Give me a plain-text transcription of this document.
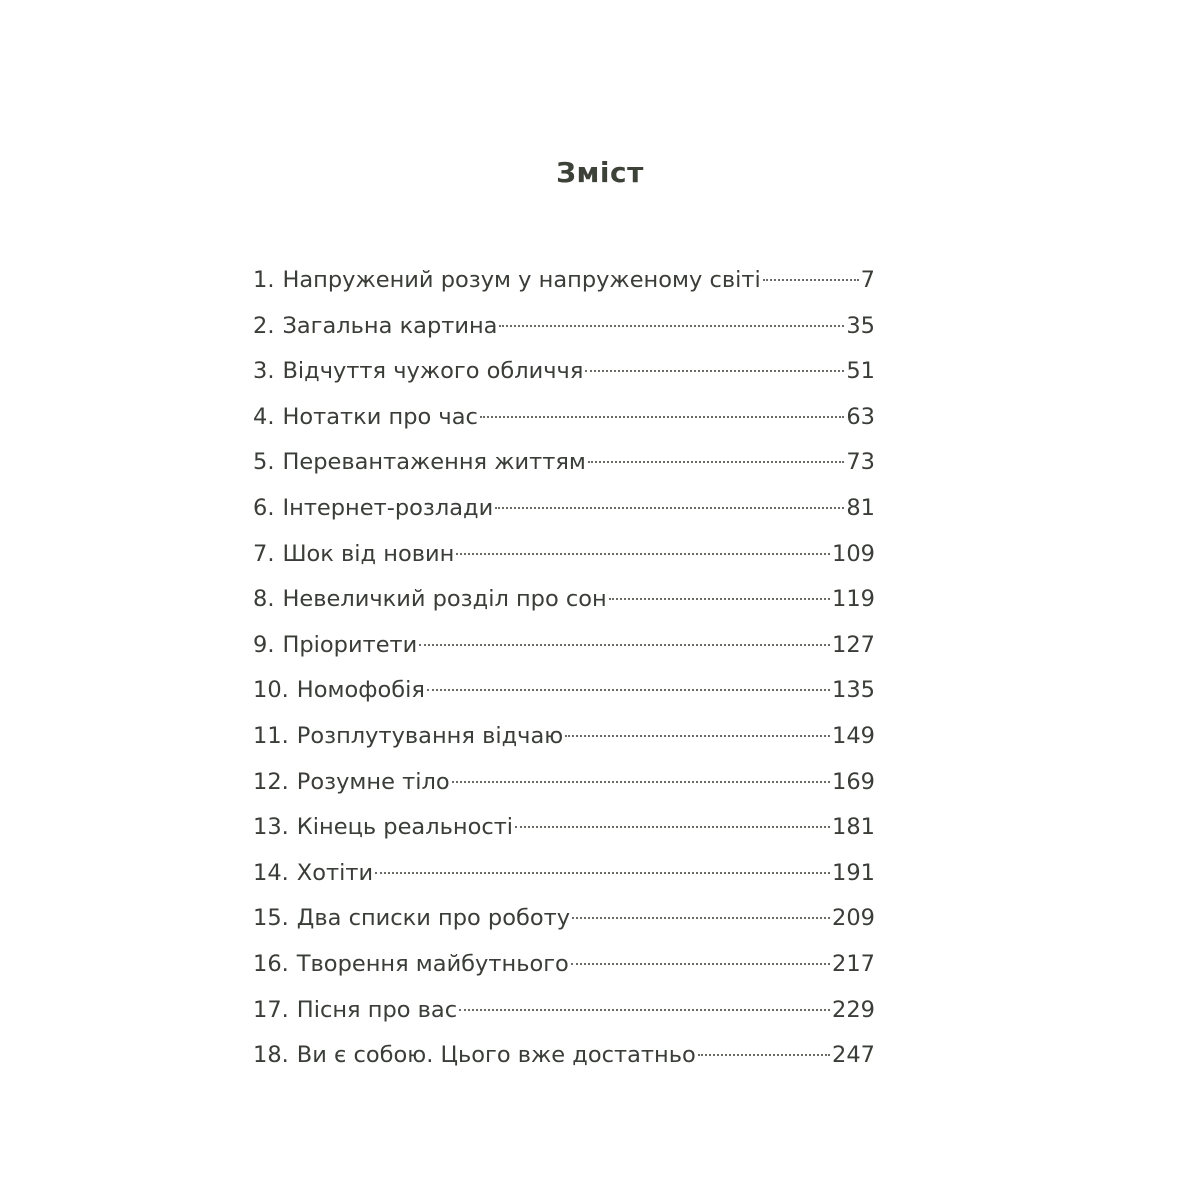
Зміст
1. Напружений розум у напруженому світі	7
2. Загальна картина	35
3. Відчуття чужого обличчя	51
4. Нотатки про час	63
5. Перевантаження життям	73
6. Інтернет-розлади	81
7. Шок від новин	109
8. Невеличкий розділ про сон	119
9. Пріоритети	127
10. Номофобія	135
11. Розплутування відчаю	149
12. Розумне тіло	169
13. Кінець реальності	181
14. Хотіти	191
15. Два списки про роботу	209
16. Творення майбутнього	217
17. Пісня про вас	229
18. Ви є собою. Цього вже достатньо	247
